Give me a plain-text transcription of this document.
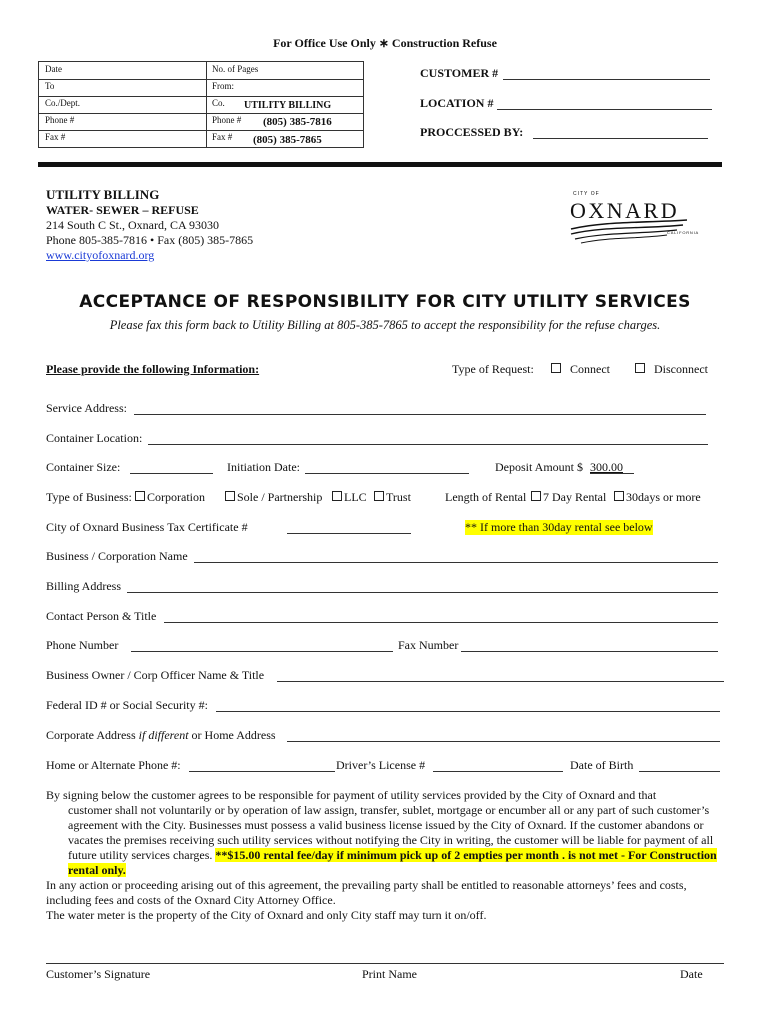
For Office Use Only ∗ Construction Refuse
Date	No. of Pages
To	From:
Co./Dept.	Co. UTILITY BILLING
Phone #	Phone # (805) 385-7816
Fax #	Fax # (805) 385-7865
CUSTOMER #
LOCATION #
PROCCESSED BY:
UTILITY BILLING
WATER- SEWER – REFUSE
214 South C St., Oxnard, CA 93030
Phone 805-385-7816 • Fax (805) 385-7865
www.cityofoxnard.org
CITY OF
OXNARD
CALIFORNIA
ACCEPTANCE OF RESPONSIBILITY FOR CITY UTILITY SERVICES
Please fax this form back to Utility Billing at 805-385-7865 to accept the responsibility for the refuse charges.
Please provide the following Information:	Type of Request:	Connect	Disconnect
Service Address:
Container Location:
Container Size:	Initiation Date:	Deposit Amount $ 300.00
Type of Business:	Corporation	Sole / Partnership	LLC	Trust	Length of Rental	7 Day Rental	30days or more
City of Oxnard Business Tax Certificate #	** If more than 30day rental see below
Business / Corporation Name
Billing Address
Contact Person & Title
Phone Number	Fax Number
Business Owner / Corp Officer Name & Title
Federal ID # or Social Security #:
Corporate Address if different or Home Address
Home or Alternate Phone #:	Driver’s License #	Date of Birth
By signing below the customer agrees to be responsible for payment of utility services provided by the City of Oxnard and that
customer shall not voluntarily or by operation of law assign, transfer, sublet, mortgage or encumber all or any part of such customer’s agreement with the City. Businesses must possess a valid business license issued by the City of Oxnard. If the customer abandons or vacates the premises receiving such utility services without notifying the City in writing, the customer will be liable for payment of all future utility services charges. **$15.00 rental fee/day if minimum pick up of 2 empties per month . is not met - For Construction rental only.
In any action or proceeding arising out of this agreement, the prevailing party shall be entitled to reasonable attorneys’ fees and costs, including fees and costs of the Oxnard City Attorney Office.
The water meter is the property of the City of Oxnard and only City staff may turn it on/off.
Customer’s Signature	Print Name	Date
